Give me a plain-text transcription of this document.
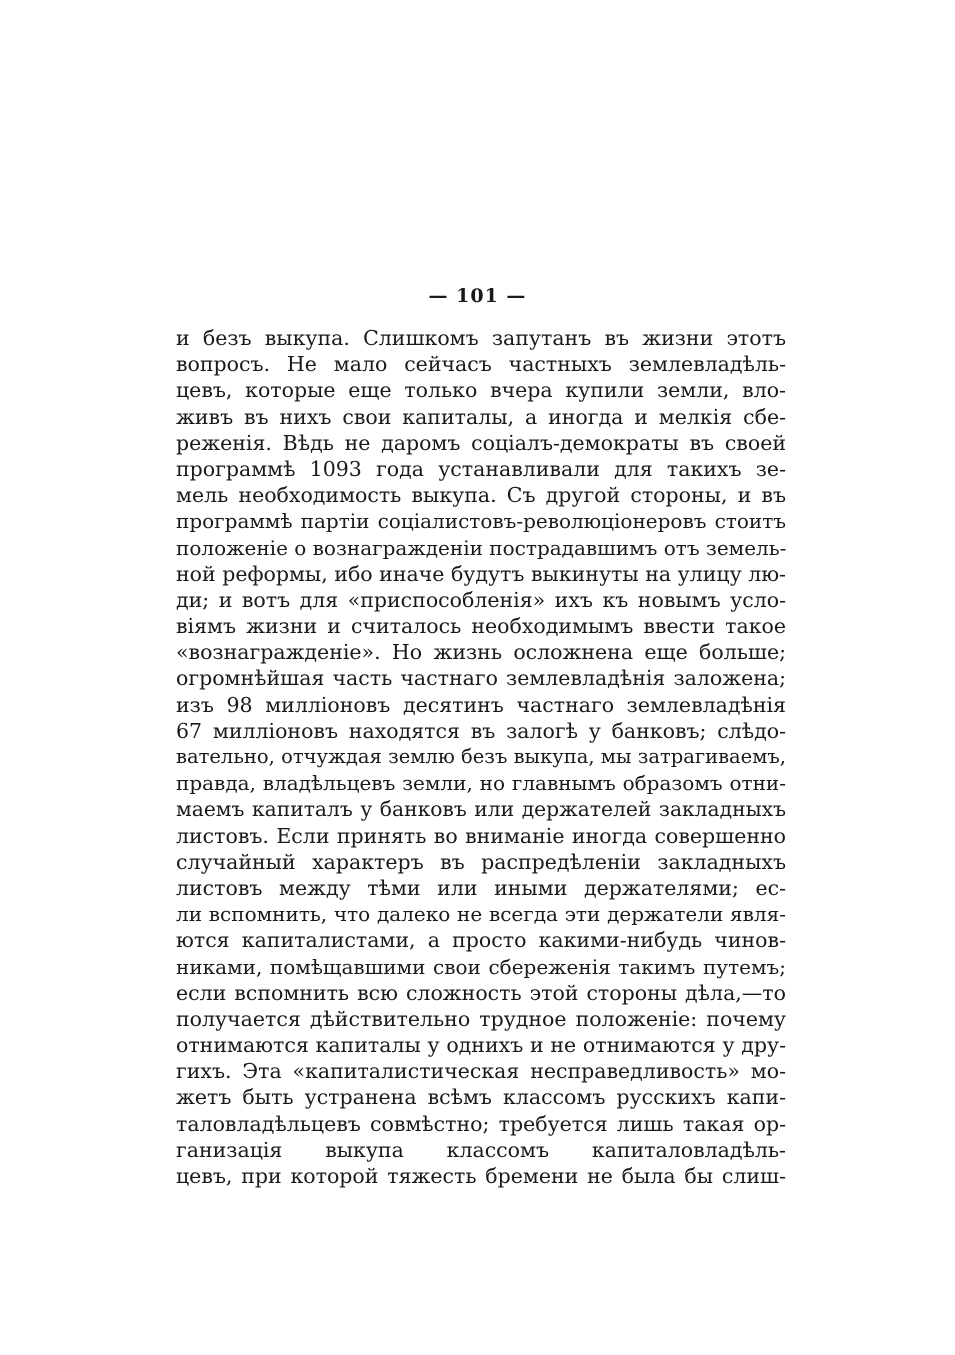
— 101 —
и безъ выкупа. Слишкомъ запутанъ въ жизни этотъ
вопросъ. Не мало сейчасъ частныхъ землевладѣль-
цевъ, которые еще только вчера купили земли, вло-
живъ въ нихъ свои капиталы, а иногда и мелкія сбе-
реженія. Вѣдь не даромъ соціалъ-демократы въ своей
программѣ 1093 года устанавливали для такихъ зе-
мель необходимость выкупа. Съ другой стороны, и въ
программѣ партіи соціалистовъ-революціонеровъ стоитъ
положеніе о вознагражденіи пострадавшимъ отъ земель-
ной реформы, ибо иначе будутъ выкинуты на улицу лю-
ди; и вотъ для «приспособленія» ихъ къ новымъ усло-
віямъ жизни и считалось необходимымъ ввести такое
«вознагражденіе». Но жизнь осложнена еще больше;
огромнѣйшая часть частнаго землевладѣнія заложена;
изъ 98 милліоновъ десятинъ частнаго землевладѣнія
67 милліоновъ находятся въ залогѣ у банковъ; слѣдо-
вательно, отчуждая землю безъ выкупа, мы затрагиваемъ,
правда, владѣльцевъ земли, но главнымъ образомъ отни-
маемъ капиталъ у банковъ или держателей закладныхъ
листовъ. Если принять во вниманіе иногда совершенно
случайный характеръ въ распредѣленіи закладныхъ
листовъ между тѣми или иными держателями; ес-
ли вспомнить, что далеко не всегда эти держатели явля-
ются капиталистами, а просто какими-нибудь чинов-
никами, помѣщавшими свои сбереженія такимъ путемъ;
если вспомнить всю сложность этой стороны дѣла,—то
получается дѣйствительно трудное положеніе: почему
отнимаются капиталы у однихъ и не отнимаются у дру-
гихъ. Эта «капиталистическая несправедливость» мо-
жетъ быть устранена всѣмъ классомъ русскихъ капи-
таловладѣльцевъ совмѣстно; требуется лишь такая ор-
ганизація выкупа классомъ капиталовладѣль-
цевъ, при которой тяжесть бремени не была бы слиш-
